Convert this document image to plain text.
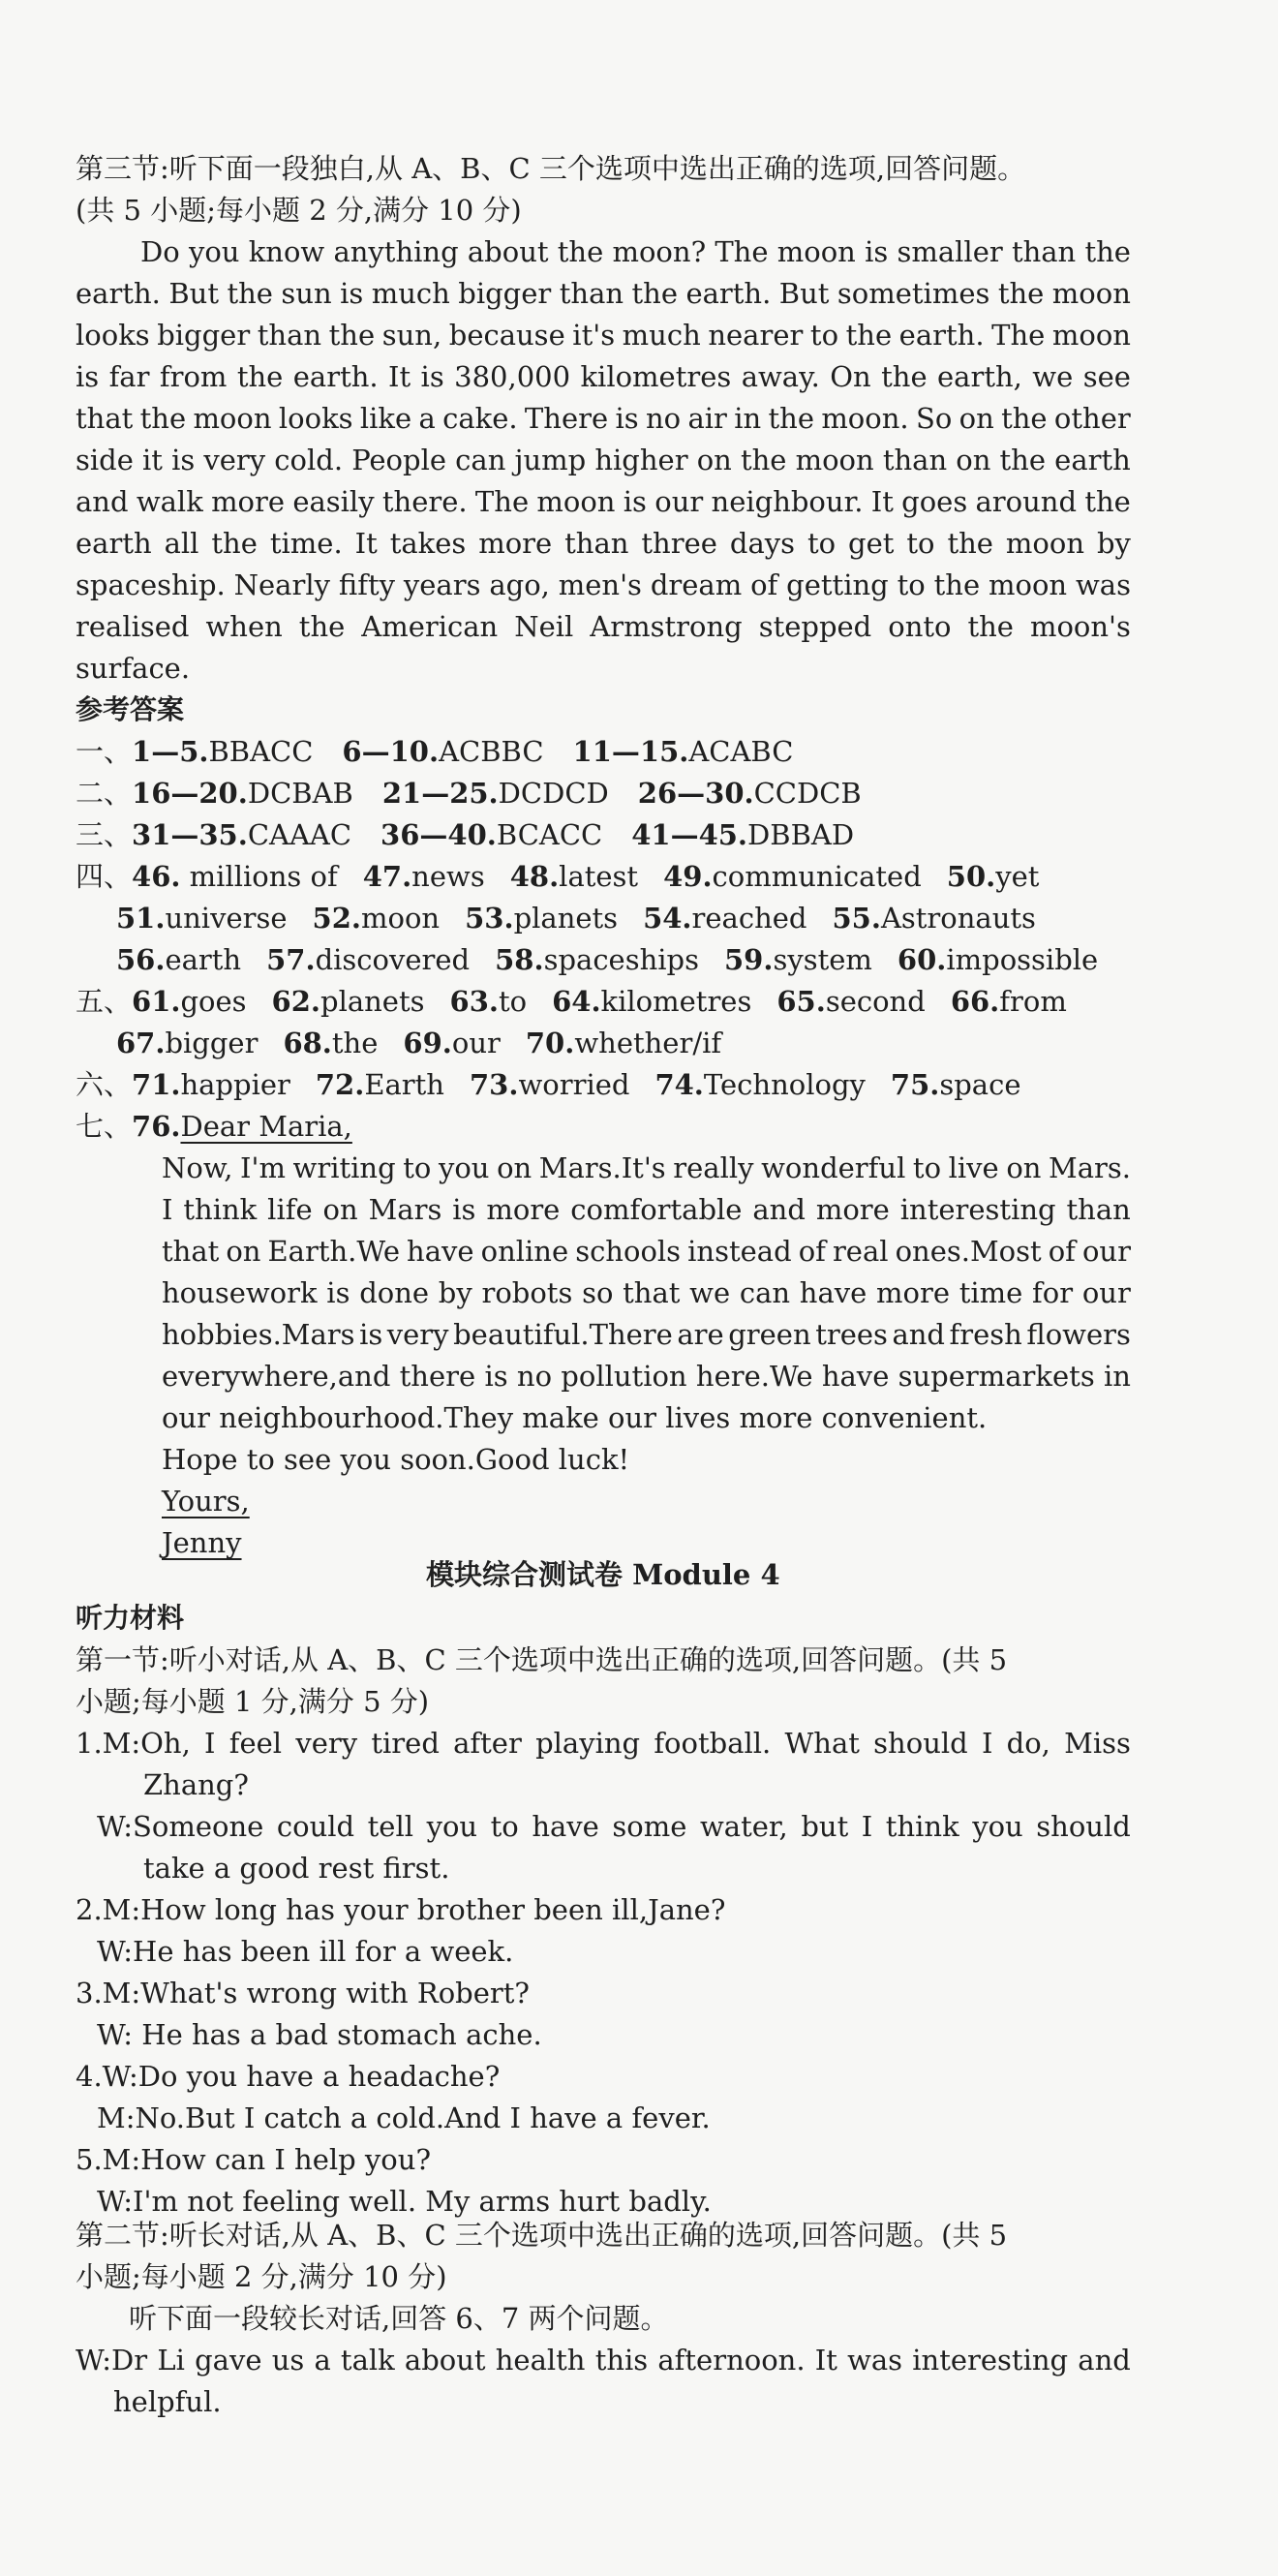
第三节:听下面一段独白,从 A、B、C 三个选项中选出正确的选项,回答问题。
(共 5 小题;每小题 2 分,满分 10 分)
Do you know anything about the moon? The moon is smaller than the
earth. But the sun is much bigger than the earth. But sometimes the moon
looks bigger than the sun, because it's much nearer to the earth. The moon
is far from the earth. It is 380,000 kilometres away. On the earth, we see
that the moon looks like a cake. There is no air in the moon. So on the other
side it is very cold. People can jump higher on the moon than on the earth
and walk more easily there. The moon is our neighbour. It goes around the
earth all the time. It takes more than three days to get to the moon by
spaceship. Nearly fifty years ago, men's dream of getting to the moon was
realised when the American Neil Armstrong stepped onto the moon's
surface.
参考答案
一、1—5.BBACC 6—10.ACBBC 11—15.ACABC
二、16—20.DCBAB 21—25.DCDCD 26—30.CCDCB
三、31—35.CAAAC 36—40.BCACC 41—45.DBBAD
四、46. millions of 47.news 48.latest 49.communicated 50.yet
51.universe 52.moon 53.planets 54.reached 55.Astronauts
56.earth 57.discovered 58.spaceships 59.system 60.impossible
五、61.goes 62.planets 63.to 64.kilometres 65.second 66.from
67.bigger 68.the 69.our 70.whether/if
六、71.happier 72.Earth 73.worried 74.Technology 75.space
七、76.Dear Maria,
Now, I'm writing to you on Mars.It's really wonderful to live on Mars.
I think life on Mars is more comfortable and more interesting than
that on Earth.We have online schools instead of real ones.Most of our
housework is done by robots so that we can have more time for our
hobbies.Mars is very beautiful.There are green trees and fresh flowers
everywhere,and there is no pollution here.We have supermarkets in
our neighbourhood.They make our lives more convenient.
Hope to see you soon.Good luck!
Yours,
Jenny
模块综合测试卷 Module 4
听力材料
第一节:听小对话,从 A、B、C 三个选项中选出正确的选项,回答问题。(共 5
小题;每小题 1 分,满分 5 分)
1.M:Oh, I feel very tired after playing football. What should I do, Miss
Zhang?
W:Someone could tell you to have some water, but I think you should
take a good rest first.
2.M:How long has your brother been ill,Jane?
W:He has been ill for a week.
3.M:What's wrong with Robert?
W: He has a bad stomach ache.
4.W:Do you have a headache?
M:No.But I catch a cold.And I have a fever.
5.M:How can I help you?
W:I'm not feeling well. My arms hurt badly.
第二节:听长对话,从 A、B、C 三个选项中选出正确的选项,回答问题。(共 5
小题;每小题 2 分,满分 10 分)
听下面一段较长对话,回答 6、7 两个问题。
W:Dr Li gave us a talk about health this afternoon. It was interesting and
helpful.
